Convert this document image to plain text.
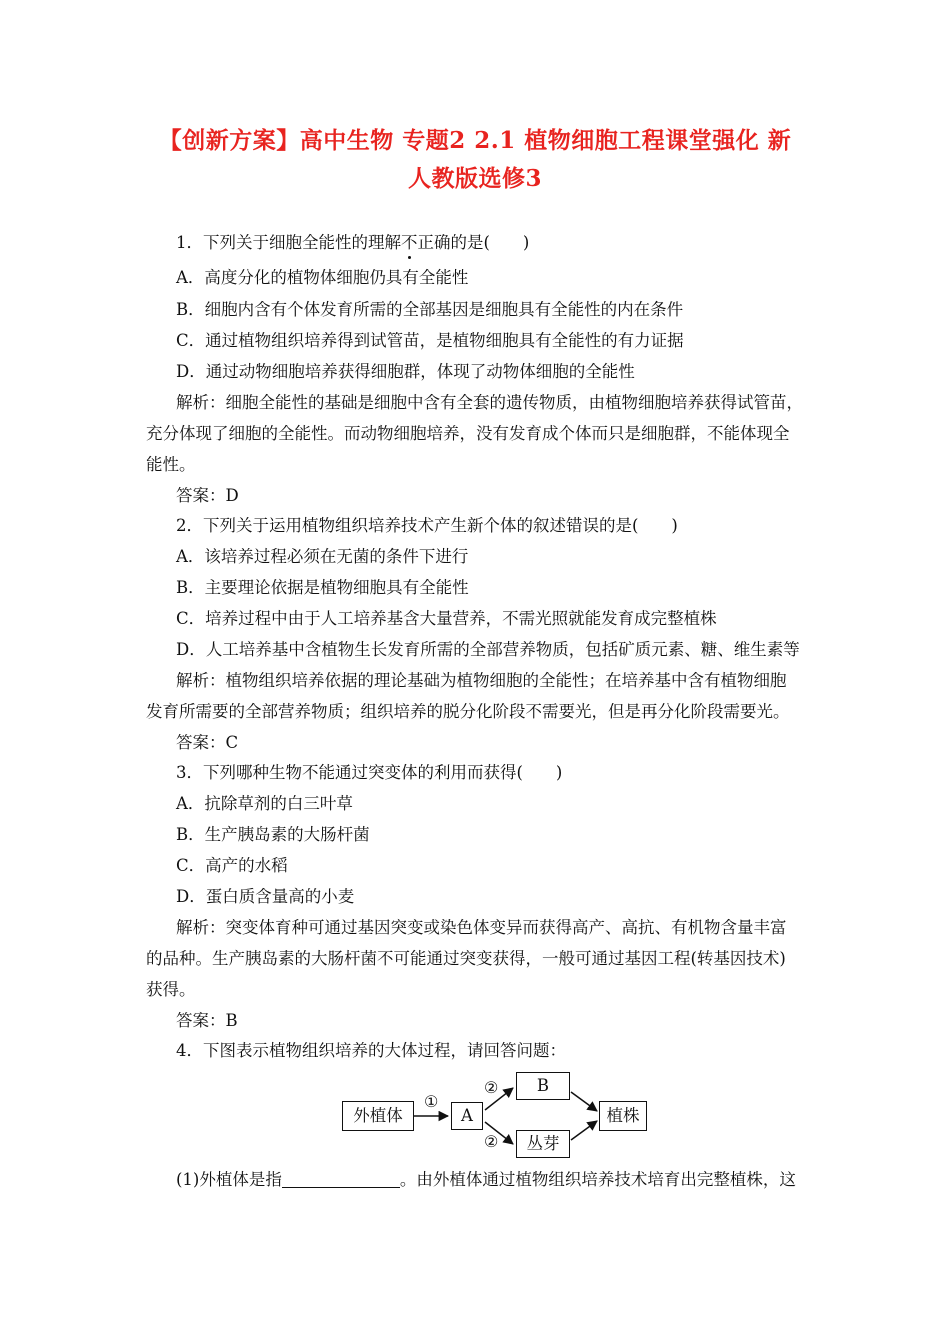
【创新方案】高中生物 专题2 2.1 植物细胞工程课堂强化 新
人教版选修3
1．下列关于细胞全能性的理解不正确的是(　　)
A．高度分化的植物体细胞仍具有全能性
B．细胞内含有个体发育所需的全部基因是细胞具有全能性的内在条件
C．通过植物组织培养得到试管苗，是植物细胞具有全能性的有力证据
D．通过动物细胞培养获得细胞群，体现了动物体细胞的全能性
解析：细胞全能性的基础是细胞中含有全套的遗传物质，由植物细胞培养获得试管苗，
充分体现了细胞的全能性。而动物细胞培养，没有发育成个体而只是细胞群，不能体现全
能性。
答案：D
2．下列关于运用植物组织培养技术产生新个体的叙述错误的是(　　)
A．该培养过程必须在无菌的条件下进行
B．主要理论依据是植物细胞具有全能性
C．培养过程中由于人工培养基含大量营养，不需光照就能发育成完整植株
D．人工培养基中含植物生长发育所需的全部营养物质，包括矿质元素、糖、维生素等
解析：植物组织培养依据的理论基础为植物细胞的全能性；在培养基中含有植物细胞
发育所需要的全部营养物质；组织培养的脱分化阶段不需要光，但是再分化阶段需要光。
答案：C
3．下列哪种生物不能通过突变体的利用而获得(　　)
A．抗除草剂的白三叶草
B．生产胰岛素的大肠杆菌
C．高产的水稻
D．蛋白质含量高的小麦
解析：突变体育种可通过基因突变或染色体变异而获得高产、高抗、有机物含量丰富
的品种。生产胰岛素的大肠杆菌不可能通过突变获得，一般可通过基因工程(转基因技术)
获得。
答案：B
4．下图表示植物组织培养的大体过程，请回答问题：
外植体
①
A
②
②
B
丛芽
植株
(1)外植体是指	。由外植体通过植物组织培养技术培育出完整植株，这
